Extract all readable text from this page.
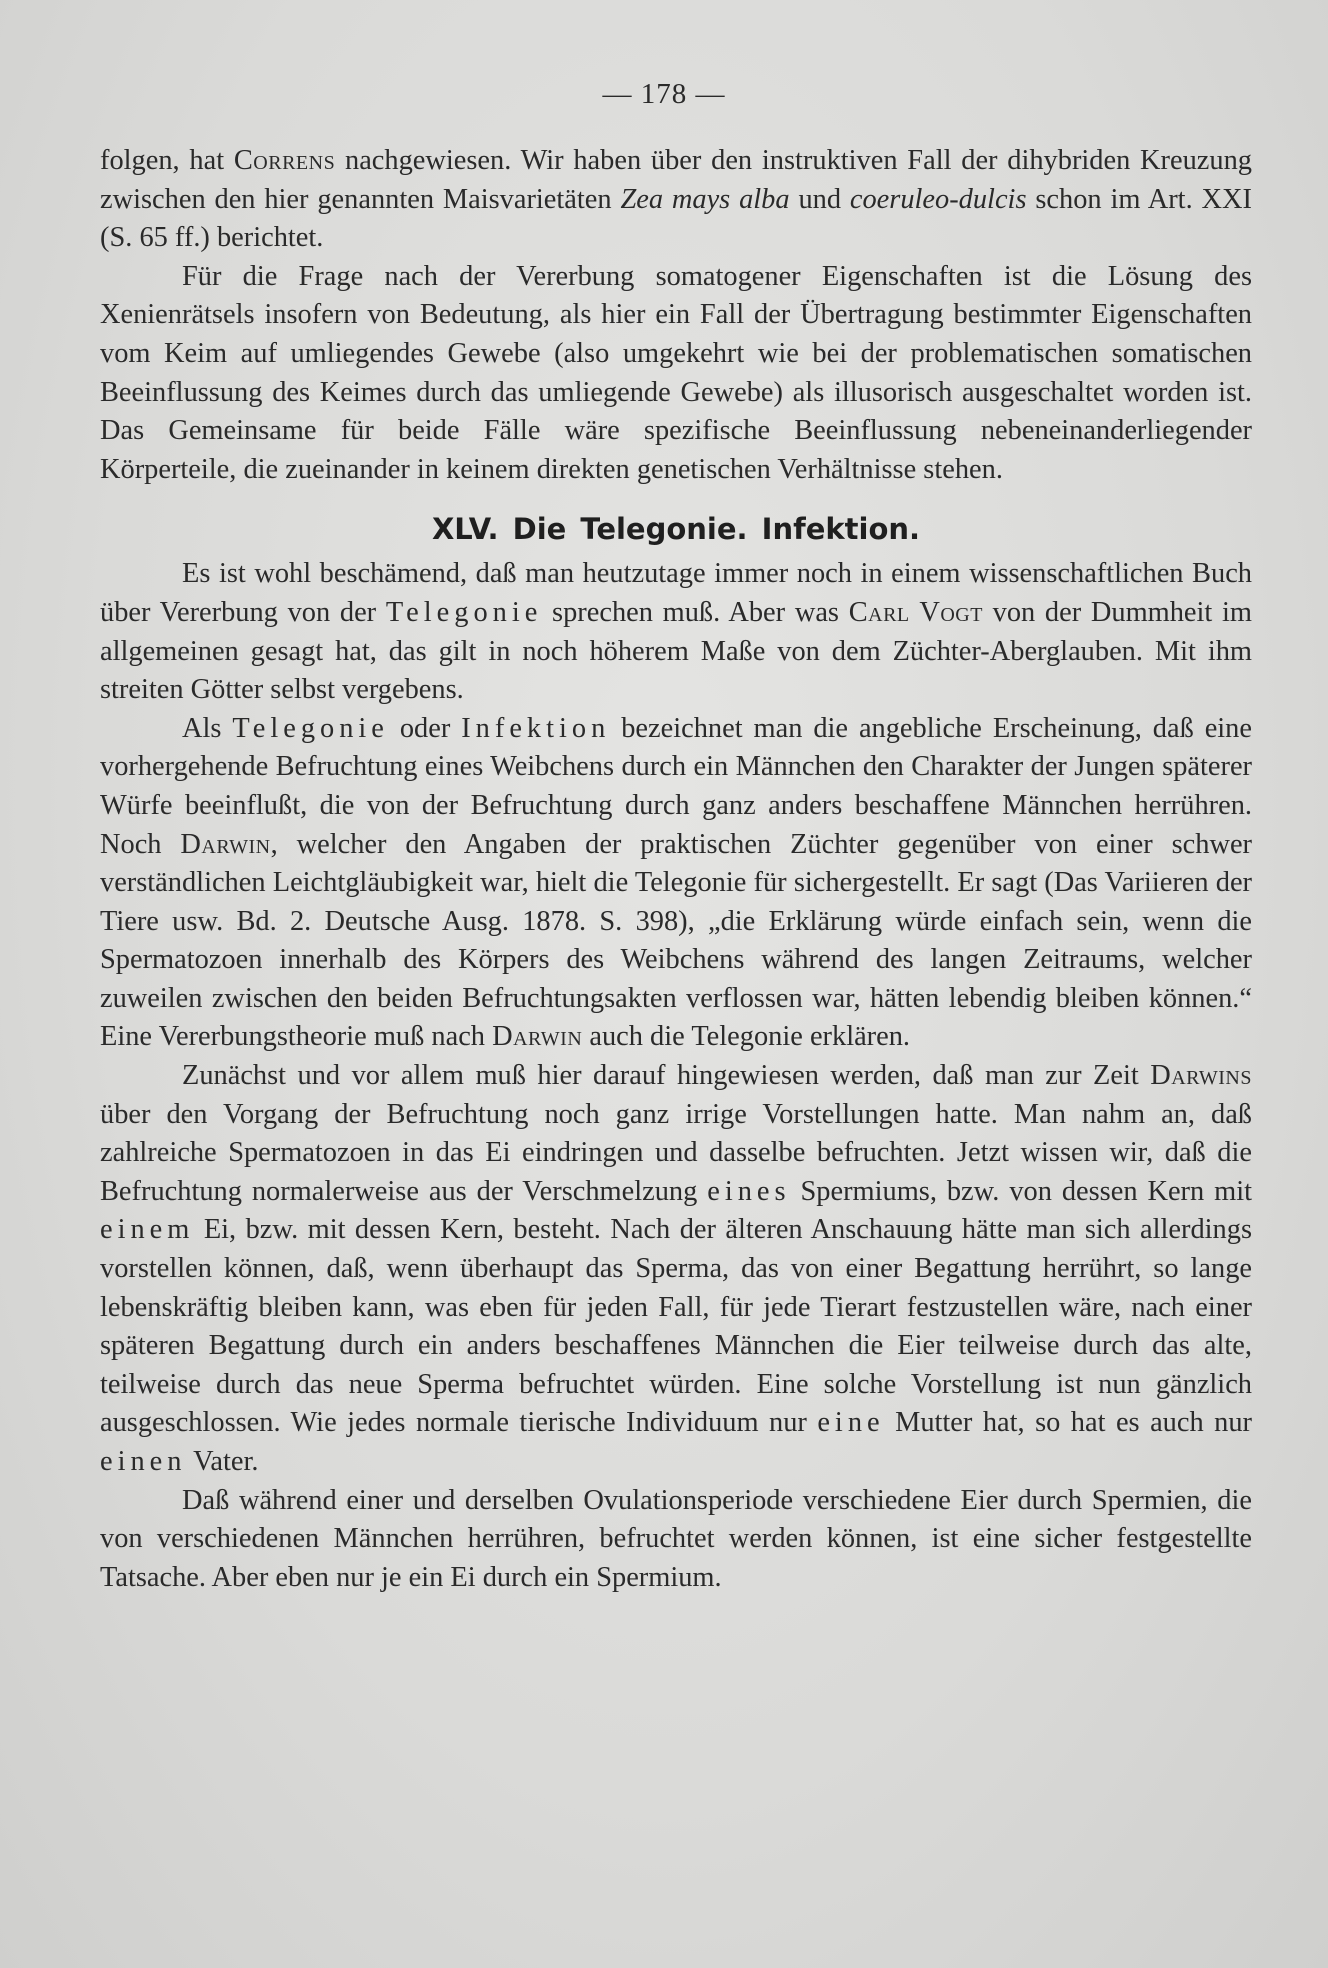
— 178 —

folgen, hat Correns nachgewiesen. Wir haben über den instruktiven Fall der dihybriden Kreuzung zwischen den hier genannten Maisvarietäten Zea mays alba und coeruleo-dulcis schon im Art. XXI (S. 65 ff.) berichtet.

Für die Frage nach der Vererbung somatogener Eigenschaften ist die Lösung des Xenienrätsels insofern von Bedeutung, als hier ein Fall der Übertragung bestimmter Eigenschaften vom Keim auf umliegendes Gewebe (also umgekehrt wie bei der problematischen somatischen Beeinflussung des Keimes durch das umliegende Gewebe) als illusorisch ausgeschaltet worden ist. Das Gemeinsame für beide Fälle wäre spezifische Beeinflussung nebeneinanderliegender Körperteile, die zueinander in keinem direkten genetischen Verhältnisse stehen.

XLV. Die Telegonie. Infektion.

Es ist wohl beschämend, daß man heutzutage immer noch in einem wissenschaftlichen Buch über Vererbung von der Telegonie sprechen muß. Aber was Carl Vogt von der Dummheit im allgemeinen gesagt hat, das gilt in noch höherem Maße von dem Züchter-Aberglauben. Mit ihm streiten Götter selbst vergebens.

Als Telegonie oder Infektion bezeichnet man die angebliche Erscheinung, daß eine vorhergehende Befruchtung eines Weibchens durch ein Männchen den Charakter der Jungen späterer Würfe beeinflußt, die von der Befruchtung durch ganz anders beschaffene Männchen herrühren. Noch Darwin, welcher den Angaben der praktischen Züchter gegenüber von einer schwer verständlichen Leichtgläubigkeit war, hielt die Telegonie für sichergestellt. Er sagt (Das Variieren der Tiere usw. Bd. 2. Deutsche Ausg. 1878. S. 398), „die Erklärung würde einfach sein, wenn die Spermatozoen innerhalb des Körpers des Weibchens während des langen Zeitraums, welcher zuweilen zwischen den beiden Befruchtungsakten verflossen war, hätten lebendig bleiben können.“ Eine Vererbungstheorie muß nach Darwin auch die Telegonie erklären.

Zunächst und vor allem muß hier darauf hingewiesen werden, daß man zur Zeit Darwins über den Vorgang der Befruchtung noch ganz irrige Vorstellungen hatte. Man nahm an, daß zahlreiche Spermatozoen in das Ei eindringen und dasselbe befruchten. Jetzt wissen wir, daß die Befruchtung normalerweise aus der Verschmelzung eines Spermiums, bzw. von dessen Kern mit einem Ei, bzw. mit dessen Kern, besteht. Nach der älteren Anschauung hätte man sich allerdings vorstellen können, daß, wenn überhaupt das Sperma, das von einer Begattung herrührt, so lange lebenskräftig bleiben kann, was eben für jeden Fall, für jede Tierart festzustellen wäre, nach einer späteren Begattung durch ein anders beschaffenes Männchen die Eier teilweise durch das alte, teilweise durch das neue Sperma befruchtet würden. Eine solche Vorstellung ist nun gänzlich ausgeschlossen. Wie jedes normale tierische Individuum nur eine Mutter hat, so hat es auch nur einen Vater.

Daß während einer und derselben Ovulationsperiode verschiedene Eier durch Spermien, die von verschiedenen Männchen herrühren, befruchtet werden können, ist eine sicher festgestellte Tatsache. Aber eben nur je ein Ei durch ein Spermium.
